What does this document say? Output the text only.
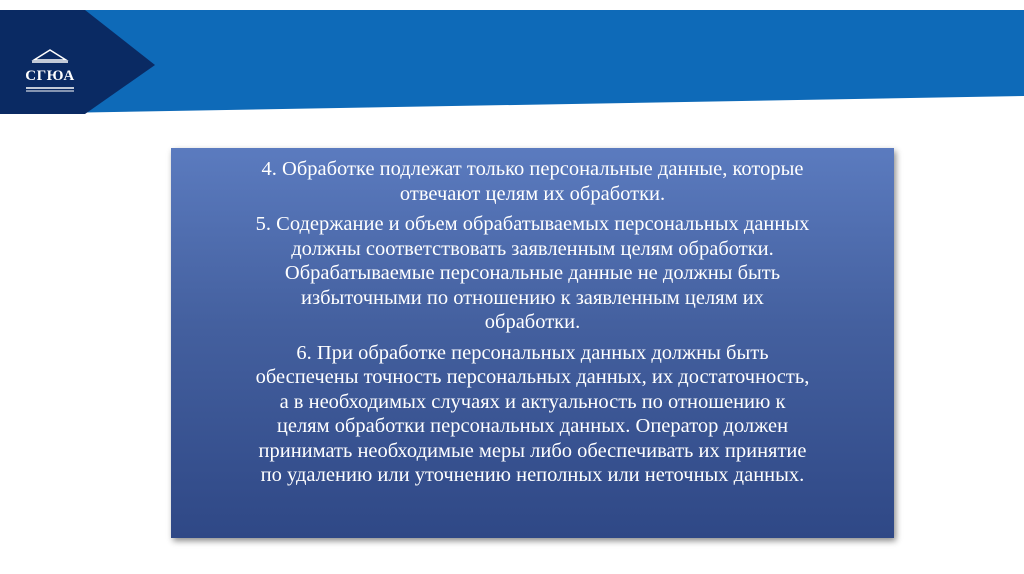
СГЮА

4. Обработке подлежат только персональные данные, которые
отвечают целям их обработки.

5. Содержание и объем обрабатываемых персональных данных
должны соответствовать заявленным целям обработки.
Обрабатываемые персональные данные не должны быть
избыточными по отношению к заявленным целям их
обработки.

6. При обработке персональных данных должны быть
обеспечены точность персональных данных, их достаточность,
а в необходимых случаях и актуальность по отношению к
целям обработки персональных данных. Оператор должен
принимать необходимые меры либо обеспечивать их принятие
по удалению или уточнению неполных или неточных данных.
